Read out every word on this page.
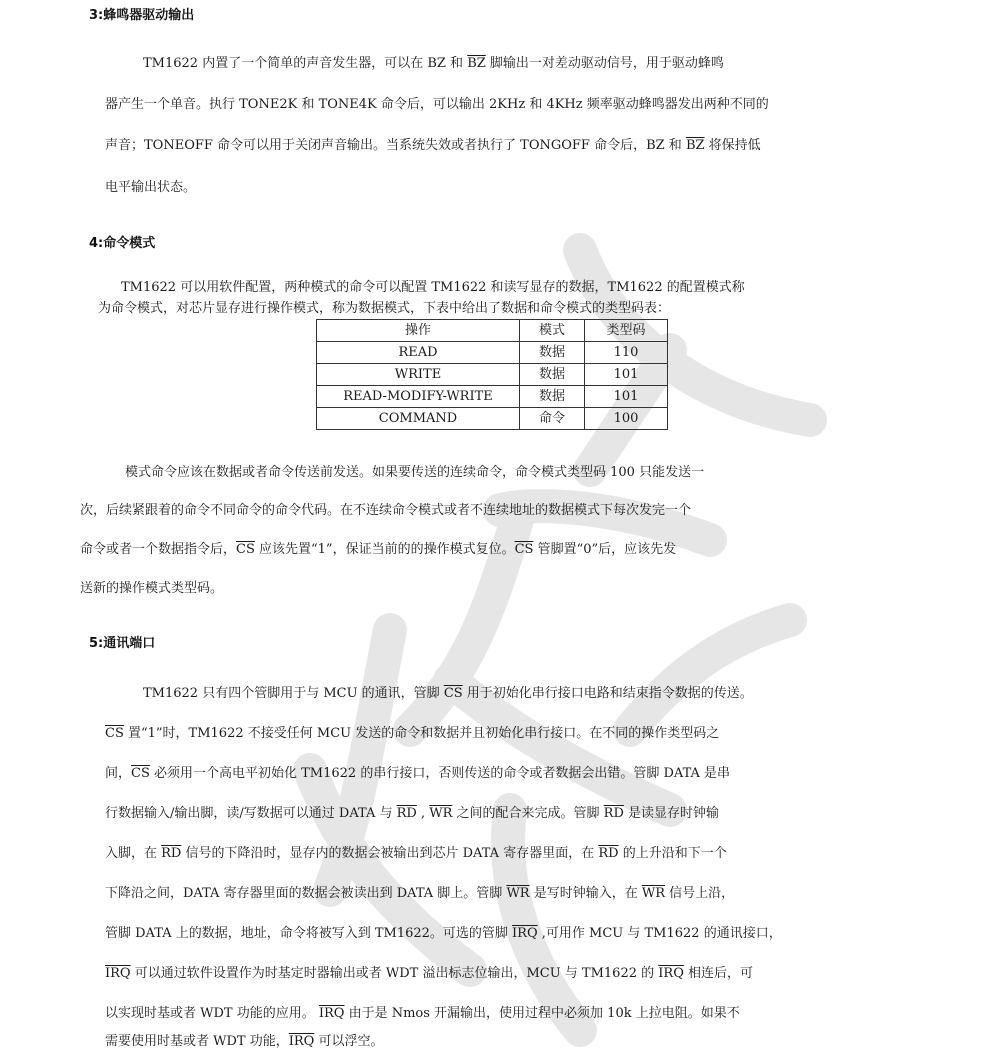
3:蜂鸣器驱动输出
TM1622 内置了一个简单的声音发生器，可以在 BZ 和 $\overline{BZ}$ 脚输出一对差动驱动信号，用于驱动蜂鸣
器产生一个单音。执行 TONE2K 和 TONE4K 命令后，可以输出 2KHz 和 4KHz 频率驱动蜂鸣器发出两种不同的
声音；TONEOFF 命令可以用于关闭声音输出。当系统失效或者执行了 TONGOFF 命令后，BZ 和 $\overline{BZ}$ 将保持低
电平输出状态。
4:命令模式
TM1622 可以用软件配置，两种模式的命令可以配置 TM1622 和读写显存的数据，TM1622 的配置模式称
为命令模式，对芯片显存进行操作模式，称为数据模式，下表中给出了数据和命令模式的类型码表：
操作	模式	类型码
READ	数据	110
WRITE	数据	101
READ-MODIFY-WRITE	数据	101
COMMAND	命令	100
模式命令应该在数据或者命令传送前发送。如果要传送的连续命令，命令模式类型码 100 只能发送一
次，后续紧跟着的命令不同命令的命令代码。在不连续命令模式或者不连续地址的数据模式下每次发完一个
命令或者一个数据指令后，$\overline{CS}$ 应该先置“1”，保证当前的的操作模式复位。$\overline{CS}$ 管脚置“0”后，应该先发
送新的操作模式类型码。
5:通讯端口
TM1622 只有四个管脚用于与 MCU 的通讯，管脚 $\overline{CS}$ 用于初始化串行接口电路和结束指令数据的传送。
$\overline{CS}$ 置“1”时，TM1622 不接受任何 MCU 发送的命令和数据并且初始化串行接口。在不同的操作类型码之
间，$\overline{CS}$ 必须用一个高电平初始化 TM1622 的串行接口，否则传送的命令或者数据会出错。管脚 DATA 是串
行数据输入/输出脚，读/写数据可以通过 DATA 与 $\overline{RD}$ , $\overline{WR}$ 之间的配合来完成。管脚 $\overline{RD}$ 是读显存时钟输
入脚，在 $\overline{RD}$ 信号的下降沿时，显存内的数据会被输出到芯片 DATA 寄存器里面，在 $\overline{RD}$ 的上升沿和下一个
下降沿之间，DATA 寄存器里面的数据会被读出到 DATA 脚上。管脚 $\overline{WR}$ 是写时钟输入，在 $\overline{WR}$ 信号上沿，
管脚 DATA 上的数据，地址，命令将被写入到 TM1622。可选的管脚 $\overline{IRQ}$ ,可用作 MCU 与 TM1622 的通讯接口，
$\overline{IRQ}$ 可以通过软件设置作为时基定时器输出或者 WDT 溢出标志位输出，MCU 与 TM1622 的 $\overline{IRQ}$ 相连后，可
以实现时基或者 WDT 功能的应用。 $\overline{IRQ}$ 由于是 Nmos 开漏输出，使用过程中必须加 10k 上拉电阻。如果不
需要使用时基或者 WDT 功能，$\overline{IRQ}$ 可以浮空。
